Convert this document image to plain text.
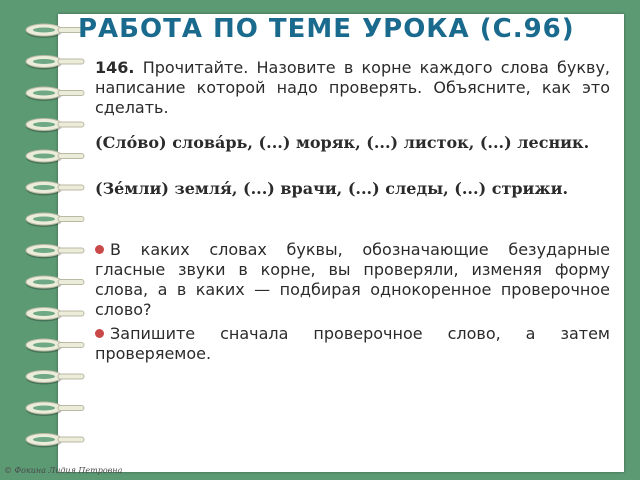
РАБОТА ПО ТЕМЕ УРОКА (С.96)
146. Прочитайте. Назовите в корне каждого слова букву, написание которой надо проверять. Объясните, как это сделать.
(Сло́во) слова́рь, (...) моряк, (...) листок, (...) лесник.
(Зе́мли) земля́, (...) врачи, (...) следы, (...) стрижи.
В каких словах буквы, обозначающие безударные гласные звуки в корне, вы проверяли, изменяя форму слова, а в каких — подбирая однокоренное проверочное слово?
Запишите сначала проверочное слово, а затем проверяемое.
© Фокина Лидия Петровна
